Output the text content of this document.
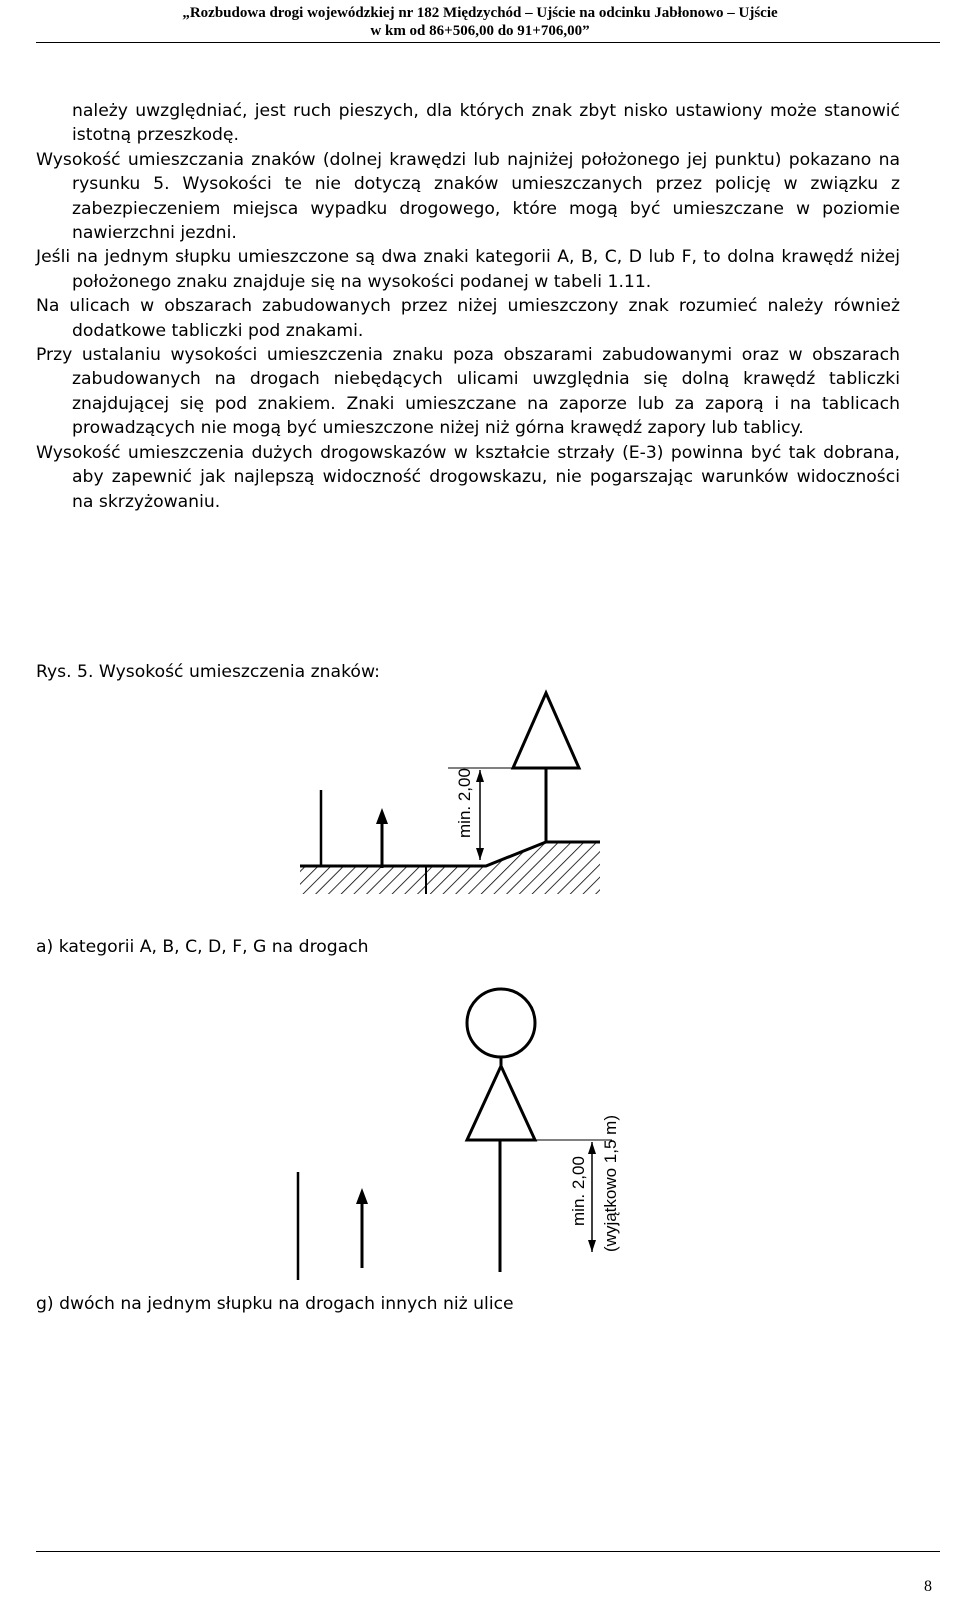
„Rozbudowa drogi wojewódzkiej nr 182 Międzychód – Ujście na odcinku Jabłonowo – Ujście
w km od 86+506,00 do 91+706,00”

należy uwzględniać, jest ruch pieszych, dla których znak zbyt nisko ustawiony może stanowić istotną przeszkodę.

Wysokość umieszczania znaków (dolnej krawędzi lub najniżej położonego jej punktu) pokazano na rysunku 5. Wysokości te nie dotyczą znaków umieszczanych przez policję w związku z zabezpieczeniem miejsca wypadku drogowego, które mogą być umieszczane w poziomie nawierzchni jezdni.

Jeśli na jednym słupku umieszczone są dwa znaki kategorii A, B, C, D lub F, to dolna krawędź niżej położonego znaku znajduje się na wysokości podanej w tabeli 1.11.

Na ulicach w obszarach zabudowanych przez niżej umieszczony znak rozumieć należy również dodatkowe tabliczki pod znakami.

Przy ustalaniu wysokości umieszczenia znaku poza obszarami zabudowanymi oraz w obszarach zabudowanych na drogach niebędących ulicami uwzględnia się dolną krawędź tabliczki znajdującej się pod znakiem. Znaki umieszczane na zaporze lub za zaporą i na tablicach prowadzących nie mogą być umieszczone niżej niż górna krawędź zapory lub tablicy.

Wysokość umieszczenia dużych drogowskazów w kształcie strzały (E-3) powinna być tak dobrana, aby zapewnić jak najlepszą widoczność drogowskazu, nie pogarszając warunków widoczności na skrzyżowaniu.

Rys. 5. Wysokość umieszczenia znaków:
min. 2,00
a) kategorii A, B, C, D, F, G na drogach
min. 2,00 (wyjątkowo 1,5 m)
g) dwóch na jednym słupku na drogach innych niż ulice
8
